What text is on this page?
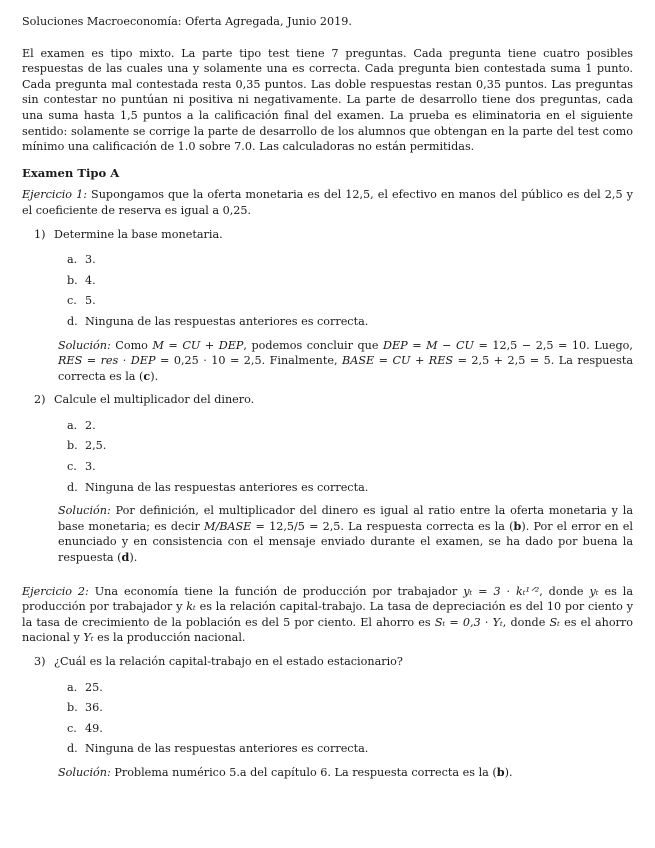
Soluciones Macroeconomía: Oferta Agregada, Junio 2019.

El examen es tipo mixto. La parte tipo test tiene 7 preguntas. Cada pregunta tiene cuatro posibles respuestas de las cuales una y solamente una es correcta. Cada pregunta bien contestada suma 1 punto. Cada pregunta mal contestada resta 0,35 puntos. Las doble respuestas restan 0,35 puntos. Las preguntas sin contestar no puntúan ni positiva ni negativamente. La parte de desarrollo tiene dos preguntas, cada una suma hasta 1,5 puntos a la calificación final del examen. La prueba es eliminatoria en el siguiente sentido: solamente se corrige la parte de desarrollo de los alumnos que obtengan en la parte del test como mínimo una calificación de 1.0 sobre 7.0. Las calculadoras no están permitidas.

Examen Tipo A

Ejercicio 1: Supongamos que la oferta monetaria es del 12,5, el efectivo en manos del público es del 2,5 y el coeficiente de reserva es igual a 0,25.

1) Determine la base monetaria.

a. 3.
b. 4.
c. 5.
d. Ninguna de las respuestas anteriores es correcta.

Solución: Como M = CU + DEP, podemos concluir que DEP = M − CU = 12,5 − 2,5 = 10. Luego, RES = res · DEP = 0,25 · 10 = 2,5. Finalmente, BASE = CU + RES = 2,5 + 2,5 = 5. La respuesta correcta es la (c).

2) Calcule el multiplicador del dinero.

a. 2.
b. 2,5.
c. 3.
d. Ninguna de las respuestas anteriores es correcta.

Solución: Por definición, el multiplicador del dinero es igual al ratio entre la oferta monetaria y la base monetaria; es decir M/BASE = 12,5/5 = 2,5. La respuesta correcta es la (b). Por el error en el enunciado y en consistencia con el mensaje enviado durante el examen, se ha dado por buena la respuesta (d).

Ejercicio 2: Una economía tiene la función de producción por trabajador yₜ = 3 · kₜ¹ᐟ², donde yₜ es la producción por trabajador y kₜ es la relación capital-trabajo. La tasa de depreciación es del 10 por ciento y la tasa de crecimiento de la población es del 5 por ciento. El ahorro es Sₜ = 0,3 · Yₜ, donde Sₜ es el ahorro nacional y Yₜ es la producción nacional.

3) ¿Cuál es la relación capital-trabajo en el estado estacionario?

a. 25.
b. 36.
c. 49.
d. Ninguna de las respuestas anteriores es correcta.

Solución: Problema numérico 5.a del capítulo 6. La respuesta correcta es la (b).
